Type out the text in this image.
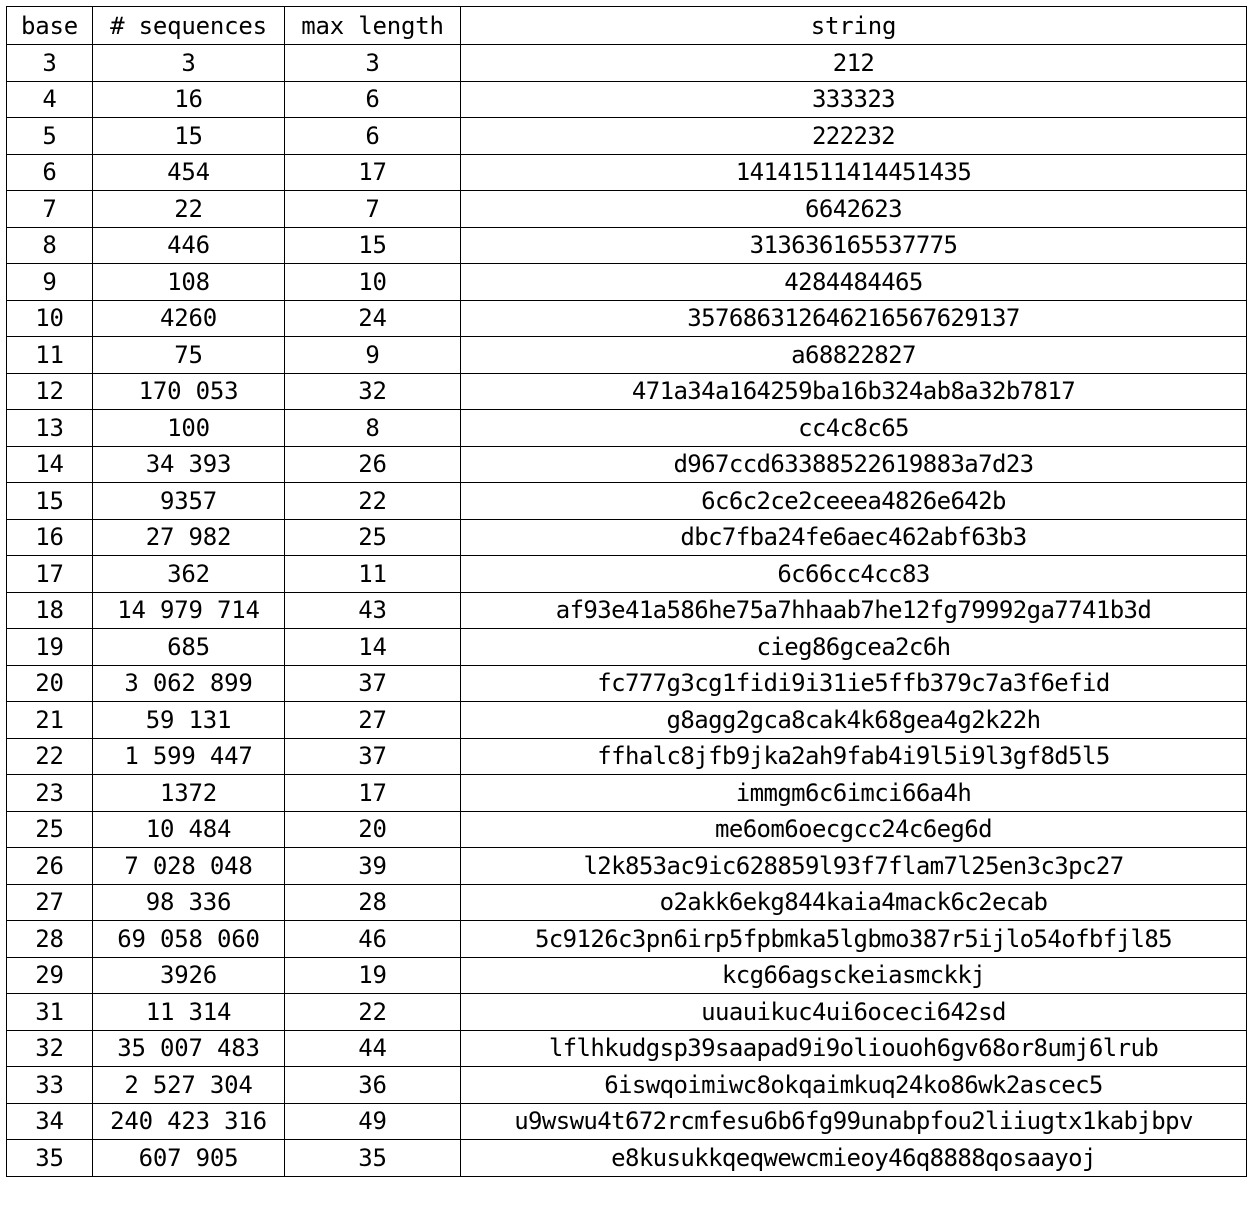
base	# sequences	max length	string
3	3	3	212
4	16	6	333323
5	15	6	222232
6	454	17	14141511414451435
7	22	7	6642623
8	446	15	313636165537775
9	108	10	4284484465
10	4260	24	357686312646216567629137
11	75	9	a68822827
12	170 053	32	471a34a164259ba16b324ab8a32b7817
13	100	8	cc4c8c65
14	34 393	26	d967ccd63388522619883a7d23
15	9357	22	6c6c2ce2ceeea4826e642b
16	27 982	25	dbc7fba24fe6aec462abf63b3
17	362	11	6c66cc4cc83
18	14 979 714	43	af93e41a586he75a7hhaab7he12fg79992ga7741b3d
19	685	14	cieg86gcea2c6h
20	3 062 899	37	fc777g3cg1fidi9i31ie5ffb379c7a3f6efid
21	59 131	27	g8agg2gca8cak4k68gea4g2k22h
22	1 599 447	37	ffhalc8jfb9jka2ah9fab4i9l5i9l3gf8d5l5
23	1372	17	immgm6c6imci66a4h
25	10 484	20	me6om6oecgcc24c6eg6d
26	7 028 048	39	l2k853ac9ic628859l93f7flam7l25en3c3pc27
27	98 336	28	o2akk6ekg844kaia4mack6c2ecab
28	69 058 060	46	5c9126c3pn6irp5fpbmka5lgbmo387r5ijlo54ofbfjl85
29	3926	19	kcg66agsckeiasmckkj
31	11 314	22	uuauikuc4ui6oceci642sd
32	35 007 483	44	lflhkudgsp39saapad9i9oliouoh6gv68or8umj6lrub
33	2 527 304	36	6iswqoimiwc8okqaimkuq24ko86wk2ascec5
34	240 423 316	49	u9wswu4t672rcmfesu6b6fg99unabpfou2liiugtx1kabjbpv
35	607 905	35	e8kusukkqeqwewcmieoy46q8888qosaayoj
